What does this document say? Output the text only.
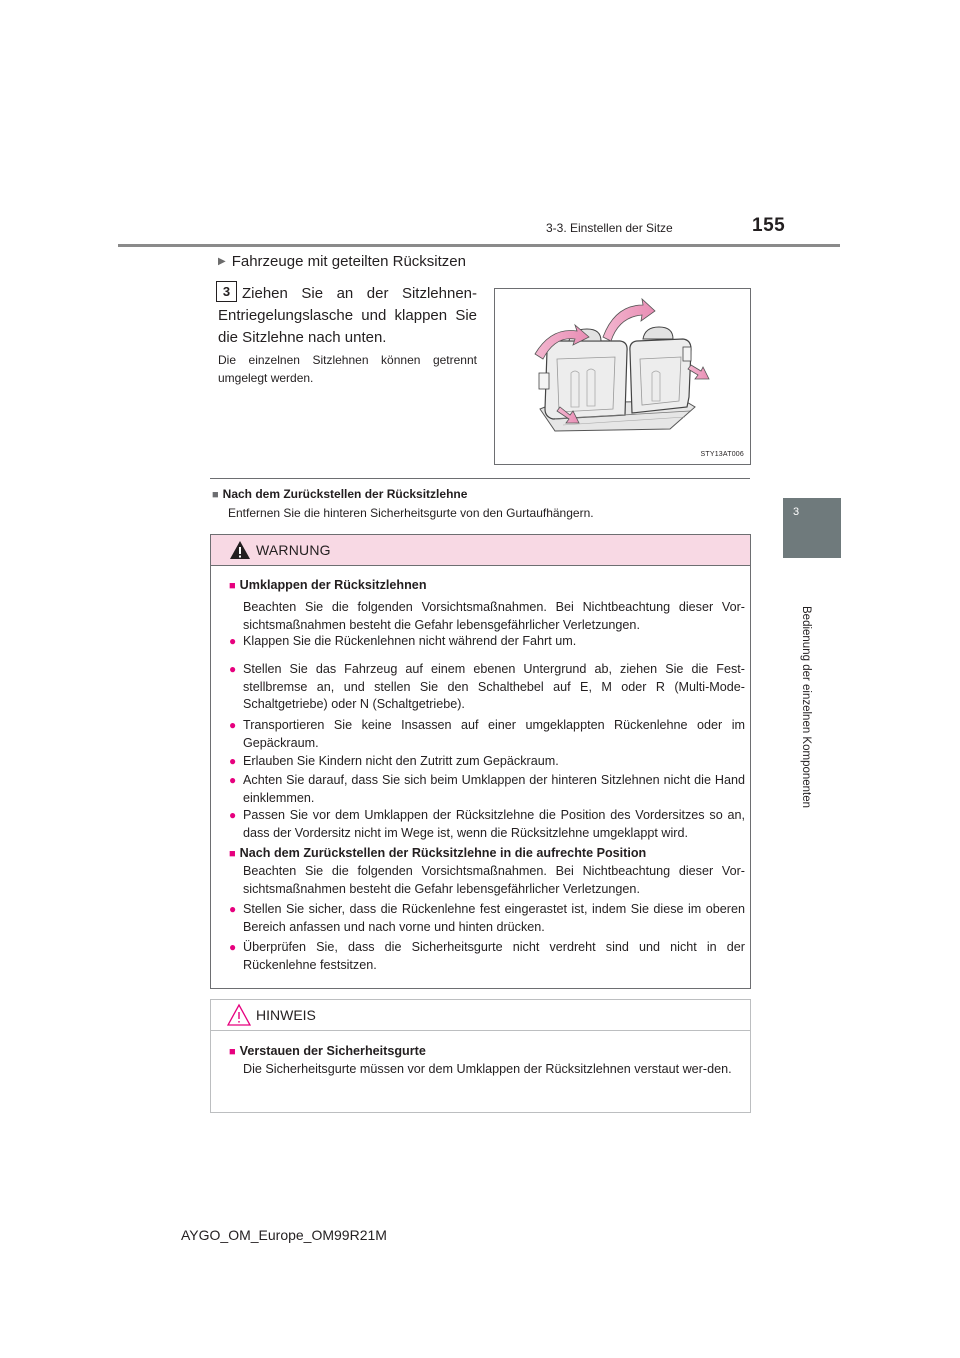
3-3. Einstellen der Sitze	155
3
Bedienung der einzelnen Komponenten
▶ Fahrzeuge mit geteilten Rücksitzen
3 Ziehen Sie an der Sitzlehnen-Entriegelungslasche und klappen Sie die Sitzlehne nach unten.
Die einzelnen Sitzlehnen können getrennt umgelegt werden.
STY13AT006
■ Nach dem Zurückstellen der Rücksitzlehne
Entfernen Sie die hinteren Sicherheitsgurte von den Gurtaufhängern.
WARNUNG
■ Umklappen der Rücksitzlehnen
Beachten Sie die folgenden Vorsichtsmaßnahmen. Bei Nichtbeachtung dieser Vor-sichtsmaßnahmen besteht die Gefahr lebensgefährlicher Verletzungen.
● Klappen Sie die Rückenlehnen nicht während der Fahrt um.
● Stellen Sie das Fahrzeug auf einem ebenen Untergrund ab, ziehen Sie die Fest-stellbremse an, und stellen Sie den Schalthebel auf E, M oder R (Multi-Mode-Schaltgetriebe) oder N (Schaltgetriebe).
● Transportieren Sie keine Insassen auf einer umgeklappten Rückenlehne oder im Gepäckraum.
● Erlauben Sie Kindern nicht den Zutritt zum Gepäckraum.
● Achten Sie darauf, dass Sie sich beim Umklappen der hinteren Sitzlehnen nicht die Hand einklemmen.
● Passen Sie vor dem Umklappen der Rücksitzlehne die Position des Vordersitzes so an, dass der Vordersitz nicht im Wege ist, wenn die Rücksitzlehne umgeklappt wird.
■ Nach dem Zurückstellen der Rücksitzlehne in die aufrechte Position
Beachten Sie die folgenden Vorsichtsmaßnahmen. Bei Nichtbeachtung dieser Vor-sichtsmaßnahmen besteht die Gefahr lebensgefährlicher Verletzungen.
● Stellen Sie sicher, dass die Rückenlehne fest eingerastet ist, indem Sie diese im oberen Bereich anfassen und nach vorne und hinten drücken.
● Überprüfen Sie, dass die Sicherheitsgurte nicht verdreht sind und nicht in der Rückenlehne festsitzen.
HINWEIS
■ Verstauen der Sicherheitsgurte
Die Sicherheitsgurte müssen vor dem Umklappen der Rücksitzlehnen verstaut wer-den.
AYGO_OM_Europe_OM99R21M
